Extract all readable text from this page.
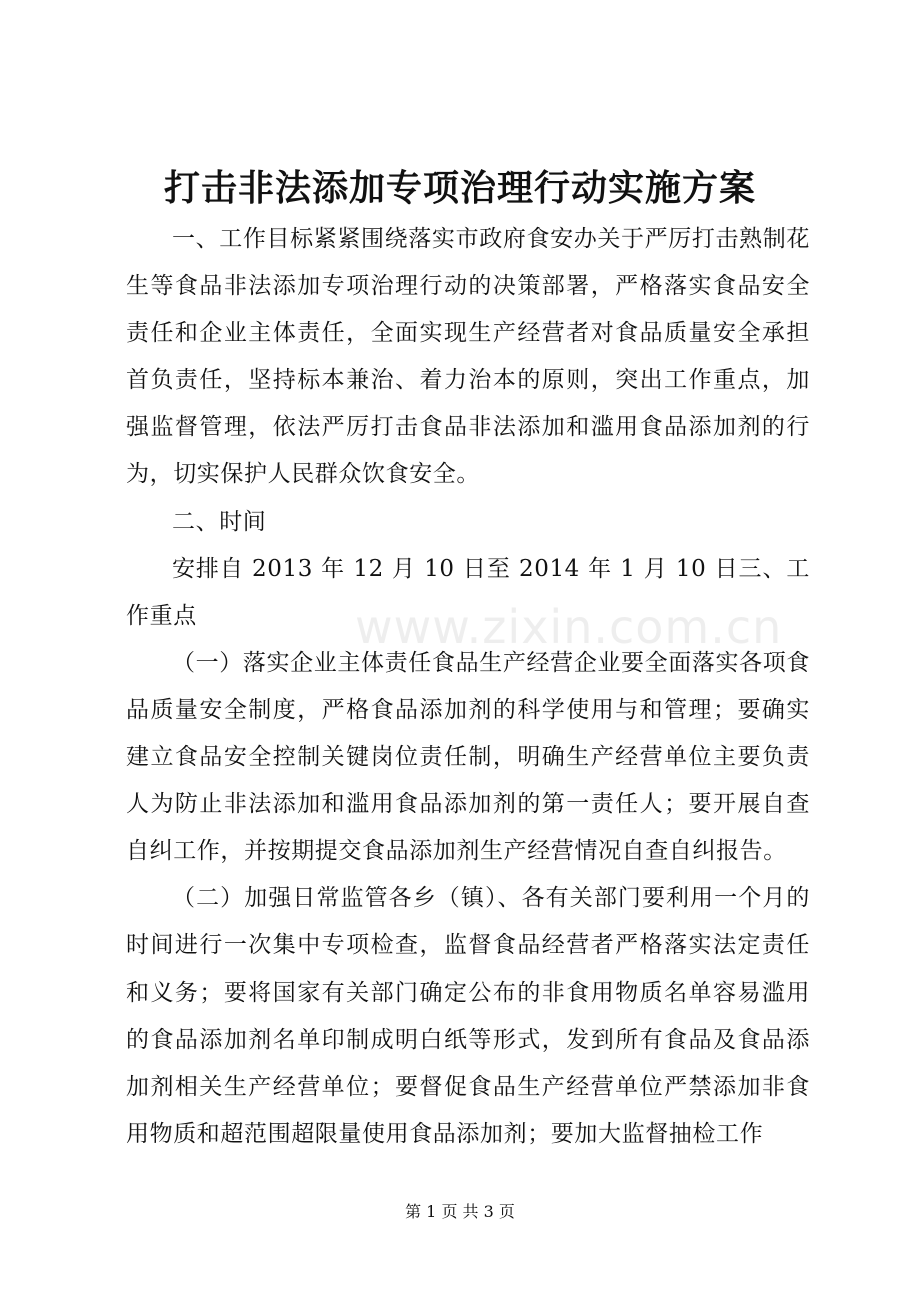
打击非法添加专项治理行动实施方案

一、工作目标紧紧围绕落实市政府食安办关于严厉打击熟制花生等食品非法添加专项治理行动的决策部署，严格落实食品安全责任和企业主体责任，全面实现生产经营者对食品质量安全承担首负责任，坚持标本兼治、着力治本的原则，突出工作重点，加强监督管理，依法严厉打击食品非法添加和滥用食品添加剂的行为，切实保护人民群众饮食安全。

二、时间

安排自 2013 年 12 月 10 日至 2014 年 1 月 10 日三、工作重点

（一）落实企业主体责任食品生产经营企业要全面落实各项食品质量安全制度，严格食品添加剂的科学使用与和管理；要确实建立食品安全控制关键岗位责任制，明确生产经营单位主要负责人为防止非法添加和滥用食品添加剂的第一责任人；要开展自查自纠工作，并按期提交食品添加剂生产经营情况自查自纠报告。

（二）加强日常监管各乡（镇）、各有关部门要利用一个月的时间进行一次集中专项检查，监督食品经营者严格落实法定责任和义务；要将国家有关部门确定公布的非食用物质名单容易滥用的食品添加剂名单印制成明白纸等形式，发到所有食品及食品添加剂相关生产经营单位；要督促食品生产经营单位严禁添加非食用物质和超范围超限量使用食品添加剂；要加大监督抽检工作

www.zixin.com.cn
第 1 页 共 3 页
